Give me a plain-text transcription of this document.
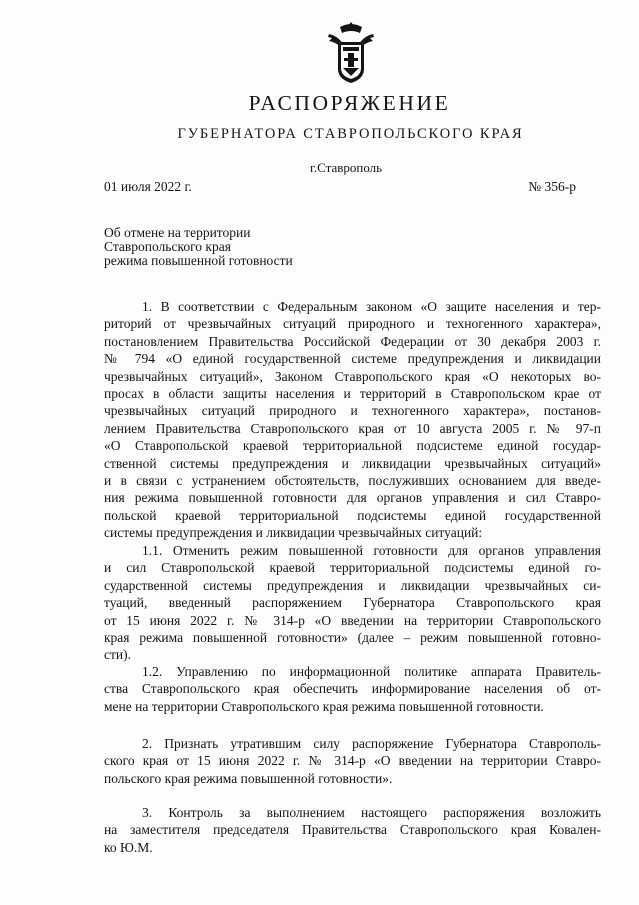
РАСПОРЯЖЕНИЕ
ГУБЕРНАТОРА СТАВРОПОЛЬСКОГО КРАЯ
г.Ставрополь
01 июля 2022 г.	№ 356-р
Об отмене на территории
Ставропольского края
режима повышенной готовности
1. В соответствии с Федеральным законом «О защите населения и тер-
риторий от чрезвычайных ситуаций природного и техногенного характера»,
постановлением Правительства Российской Федерации от 30 декабря 2003 г.
№ 794 «О единой государственной системе предупреждения и ликвидации
чрезвычайных ситуаций», Законом Ставропольского края «О некоторых во-
просах в области защиты населения и территорий в Ставропольском крае от
чрезвычайных ситуаций природного и техногенного характера», постанов-
лением Правительства Ставропольского края от 10 августа 2005 г. № 97-п
«О Ставропольской краевой территориальной подсистеме единой государ-
ственной системы предупреждения и ликвидации чрезвычайных ситуаций»
и в связи с устранением обстоятельств, послуживших основанием для введе-
ния режима повышенной готовности для органов управления и сил Ставро-
польской краевой территориальной подсистемы единой государственной
системы предупреждения и ликвидации чрезвычайных ситуаций:
1.1. Отменить режим повышенной готовности для органов управления
и сил Ставропольской краевой территориальной подсистемы единой го-
сударственной системы предупреждения и ликвидации чрезвычайных си-
туаций, введенный распоряжением Губернатора Ставропольского края
от 15 июня 2022 г. № 314-р «О введении на территории Ставропольского
края режима повышенной готовности» (далее – режим повышенной готовно-
сти).
1.2. Управлению по информационной политике аппарата Правитель-
ства Ставропольского края обеспечить информирование населения об от-
мене на территории Ставропольского края режима повышенной готовности.
2. Признать утратившим силу распоряжение Губернатора Ставрополь-
ского края от 15 июня 2022 г. № 314-р «О введении на территории Ставро-
польского края режима повышенной готовности».
3. Контроль за выполнением настоящего распоряжения возложить
на заместителя председателя Правительства Ставропольского края Ковален-
ко Ю.М.
